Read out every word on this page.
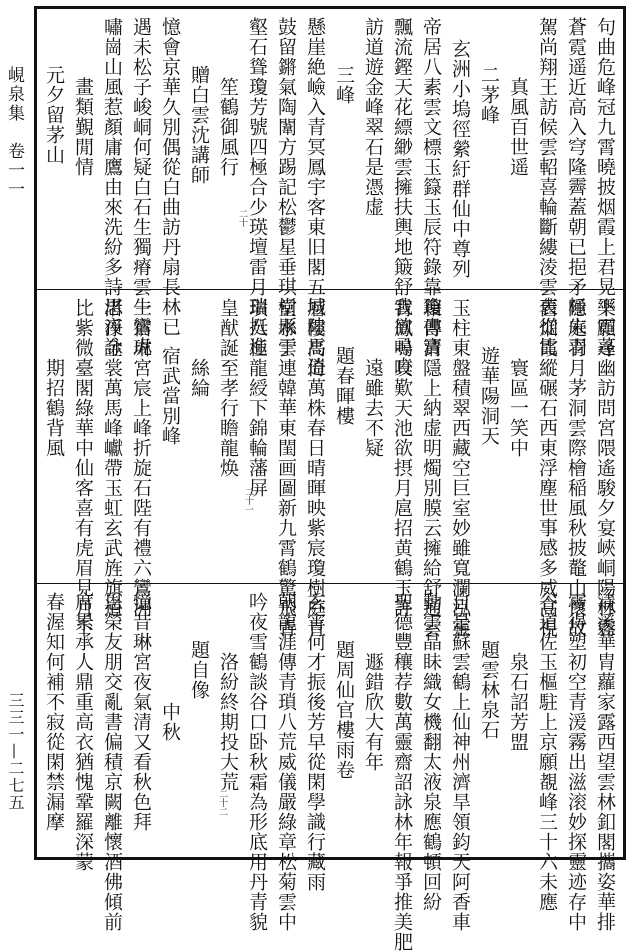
峴泉集　卷一一
三三一—二七五
句曲危峰冠九霄曉披烟霞上君晃下霓蓬
蒼霓遥近高入穹隆霽蓋朝已挹矛極朱羽
駕尚翔王訪候雲軺喜輪斷縷淩雲表從比
真風百世遥
二茅峰
玄洲小塢徑縈紆群仙中尊列
帝居八素雲文標玉籙玉辰符錄靠瓊書寶
飄流鏗天花縹緲雲擁扶輿地簸舒我欲尋真
訪道遊金峰翠石是憑虚
三峰
懸崖絶嶮入青冥鳳宇客東旧閣五城陸馬逍
鼓留鏘氣陶闈方踢記松鬱星垂琪樹縣干
壑石聳瓊芳號四極合少瑛壇雷月瑞挺進
笙鶴御風行
贈白雲沈講師
憶會京華久別偶從白曲訪丹扇長林已
遇未松子峻峒何疑白石生獨瘠雲生鸞虎
嘯崗山風惹顏庸鷹由來洗紛多詩思夜詠
畫類覲閒情
元夕留茅山
樂願尋幽訪問宮隈遙駿夕宴峽峒陽林霧
隱庭青月茅洞雲際檜稲風秋披鼇山懷故
舊烟霞縱碾石西東浮塵世事感多威高視
寰區一笑中
遊華陽洞天
玉柱東盤積翠西藏空巨室妙雖寬瀾泓靈
籍傳清隱上納虚明燭別膜云擁給舒通雲
霄鳳鳴咬歎天池欲摂月扈招黄鶴玉許
遠雖去不疑
題春暉樓
層樓高倚萬株春日晴暉映紫宸瓊樹庭青
堂水雲連韓華東閨画圖新九霄鶴驚飛青
瑣八極龍綬下錦輪藩屏
皇猷誕至孝行瞻龍焕
絲綸
宿武當別峰
一宿琳宮宸上峰折旋石陛有禮六鸞洲
渚淨金裳萬馬峰巘帶玉虹玄武旌旗道
比紫微臺閣綠華中仙客喜有虎眉見月下
期招鶴背風
清溪華胄蘿家露西望雲林釦閣攜姿華排
霄得塑初空青湲霧出滋滚妙探靈迹存中
谷道佐玉樞駐上京願覩峰三十六未應
泉石詔芳盟
題雲林泉石
自是蘇雲鶴上仙神州濟旱領鈞天阿香車
動雲晶眛織女機翻太液泉應鶴頓回紛
聖德豐穰荐數萬靈齋詔詠林年報爭推美肥
遯錯欣大有年
題周仙官樓雨卷
玄宵何才振後芳早從閑學識行藏雨
朝龍涯傳青瑣八荒威儀嚴綠章松菊雲中
吟夜雪鶴談谷口卧秋霜為形底用丹青貌
洛紛終期投大荒
題自像
中秋
憶昔琳宮夜氣清又看秋色拜
恩榮友朋交亂書偏積京闕離懷酒佛傾前
席累承人鼎重高衣猶愧鞏羅深蒙
春渥知何補不寂從閑禁漏摩
二十
二十一
二十二
